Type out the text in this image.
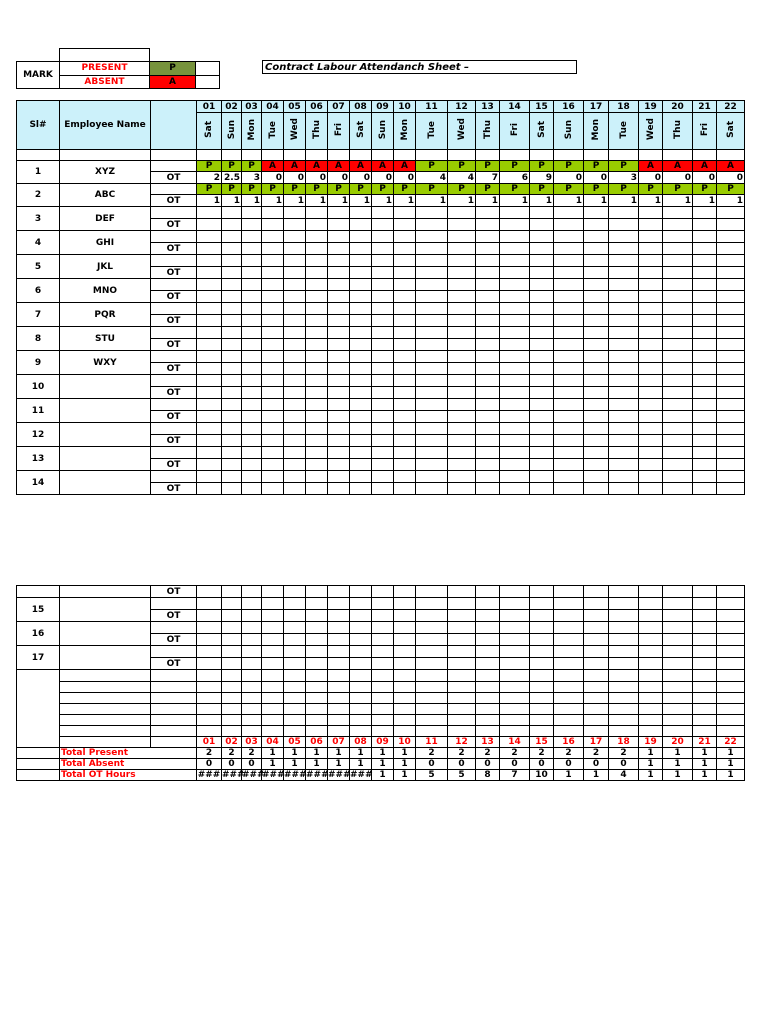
MARK	PRESENT	P	
	ABSENT	A	
Contract Labour Attendanch Sheet –
Sl#	Employee Name		01	02	03	04	05	06	07	08	09	10	11	12	13	14	15	16	17	18	19	20	21	22
			Sat	Sun	Mon	Tue	Wed	Thu	Fri	Sat	Sun	Mon	Tue	Wed	Thu	Fri	Sat	Sun	Mon	Tue	Wed	Thu	Fri	Sat

1	XYZ		P	P	P	A	A	A	A	A	A	A	P	P	P	P	P	P	P	P	A	A	A	A
		OT	2	2.5	3	0	0	0	0	0	0	0	4	4	7	6	9	0	0	3	0	0	0	0
2	ABC		P	P	P	P	P	P	P	P	P	P	P	P	P	P	P	P	P	P	P	P	P	P
		OT	1	1	1	1	1	1	1	1	1	1	1	1	1	1	1	1	1	1	1	1	1	1
3	DEF																							
		OT																						
4	GHI																							
		OT																						
5	JKL																							
		OT																						
6	MNO																							
		OT																						
7	PQR																							
		OT																						
8	STU																							
		OT																						
9	WXY																							
		OT																						
10																								
		OT																						
11																								
		OT																						
12																								
		OT																						
13																								
		OT																						
14																								
		OT																						
		OT																						
15																								
		OT																						
16																								
		OT																						
17																								
		OT																						

			01	02	03	04	05	06	07	08	09	10	11	12	13	14	15	16	17	18	19	20	21	22
	Total Present		2	2	2	1	1	1	1	1	1	1	2	2	2	2	2	2	2	2	1	1	1	1
	Total Absent		0	0	0	1	1	1	1	1	1	1	0	0	0	0	0	0	0	0	1	1	1	1
	Total OT Hours		###	###	###	###	###	###	###	###	1	1	5	5	8	7	10	1	1	4	1	1	1	1
